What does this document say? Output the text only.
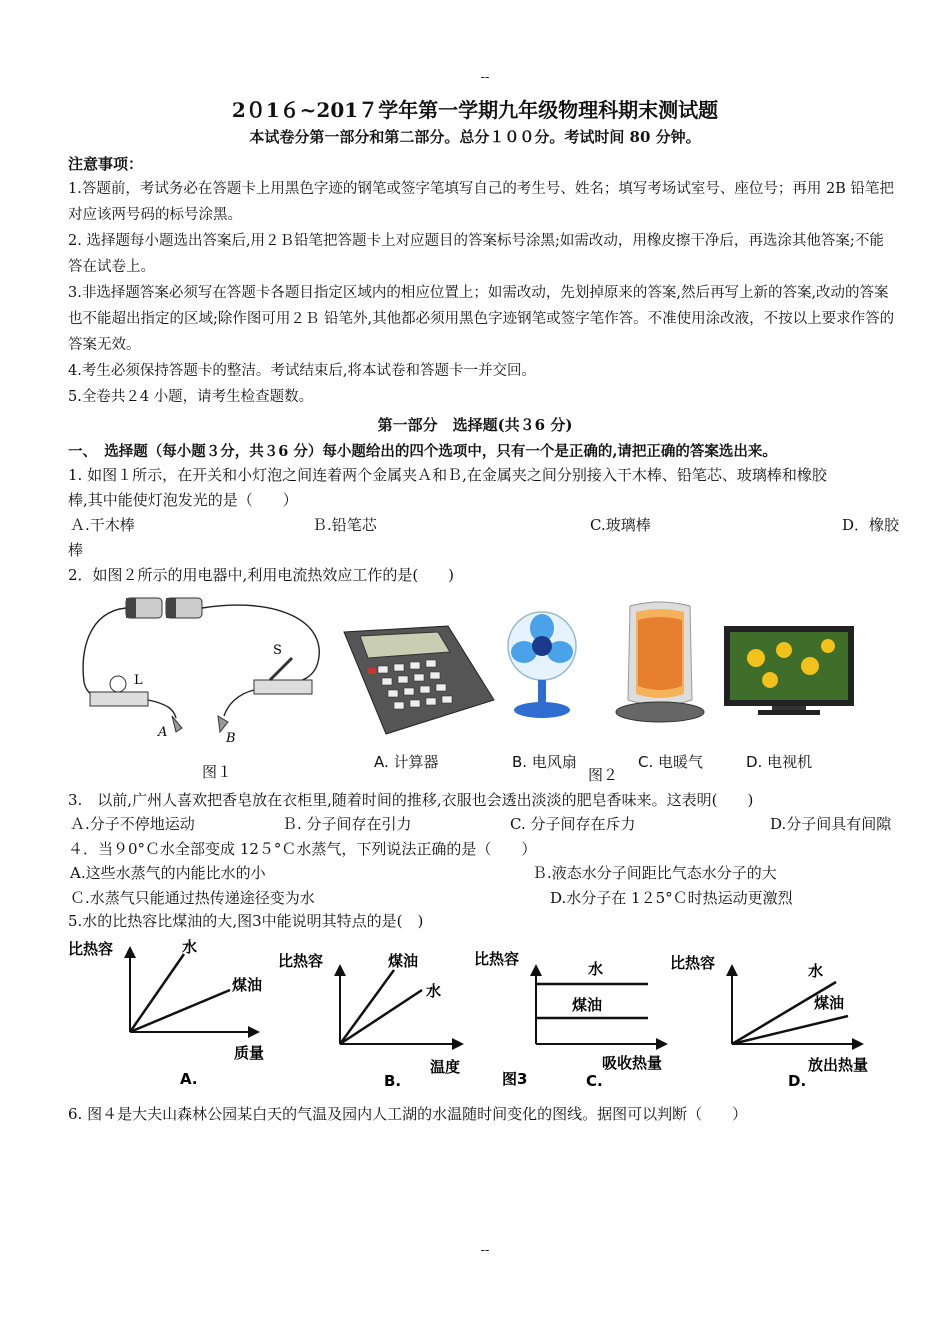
--
2０1６~201７学年第一学期九年级物理科期末测试题
本试卷分第一部分和第二部分。总分１００分。考试时间 80 分钟。
注意事项：
1.答题前，考试务必在答题卡上用黑色字迹的钢笔或签字笔填写自己的考生号、姓名；填写考场试室号、座位号；再用 2B 铅笔把对应该两号码的标号涂黑。
2. 选择题每小题选出答案后,用２Ｂ铅笔把答题卡上对应题目的答案标号涂黑;如需改动，用橡皮擦干净后，再选涂其他答案;不能答在试卷上。
3.非选择题答案必须写在答题卡各题目指定区域内的相应位置上；如需改动，先划掉原来的答案,然后再写上新的答案,改动的答案也不能超出指定的区域;除作图可用２Ｂ 铅笔外,其他都必须用黑色字迹钢笔或签字笔作答。不准使用涂改液，不按以上要求作答的答案无效。
4.考生必须保持答题卡的整洁。考试结束后,将本试卷和答题卡一并交回。
5.全卷共２4 小题，请考生检查题数。
第一部分　选择题(共３6 分)
一、　选择题（每小题３分，共３6 分）每小题给出的四个选项中，只有一个是正确的,请把正确的答案选出来。
1. 如图１所示，在开关和小灯泡之间连着两个金属夹Ａ和Ｂ,在金属夹之间分别接入干木棒、铅笔芯、玻璃棒和橡胶
棒,其中能使灯泡发光的是（　　）
Ａ.干木棒	Ｂ.铅笔芯	C.玻璃棒	D．橡胶
棒
2．如图２所示的用电器中,利用电流热效应工作的是(　　)
L
S
A	B
图１
A. 计算器	B. 电风扇
图２
C. 电暖气	D. 电视机
3.　以前,广州人喜欢把香皂放在衣柜里,随着时间的推移,衣服也会透出淡淡的肥皂香味来。这表明(　　)
Ａ.分子不停地运动	Ｂ. 分子间存在引力	C. 分子间存在斥力	D.分子间具有间隙
４．当９0°Ｃ水全部变成 12５°Ｃ水蒸气，下列说法正确的是（　　）
A.这些水蒸气的内能比水的小	Ｂ.液态水分子间距比气态水分子的大
Ｃ.水蒸气只能通过热传递途径变为水	D.水分子在 1２5°Ｃ时热运动更激烈
5.水的比热容比煤油的大,图3中能说明其特点的是(　)
比热容	水
煤油
质量
A.
比热容	煤油
水
温度
B.
比热容
水
煤油
吸收热量
图3	C.
比热容	水
煤油
放出热量
D.
6. 图４是大夫山森林公园某白天的气温及园内人工湖的水温随时间变化的图线。据图可以判断（　　）
--
